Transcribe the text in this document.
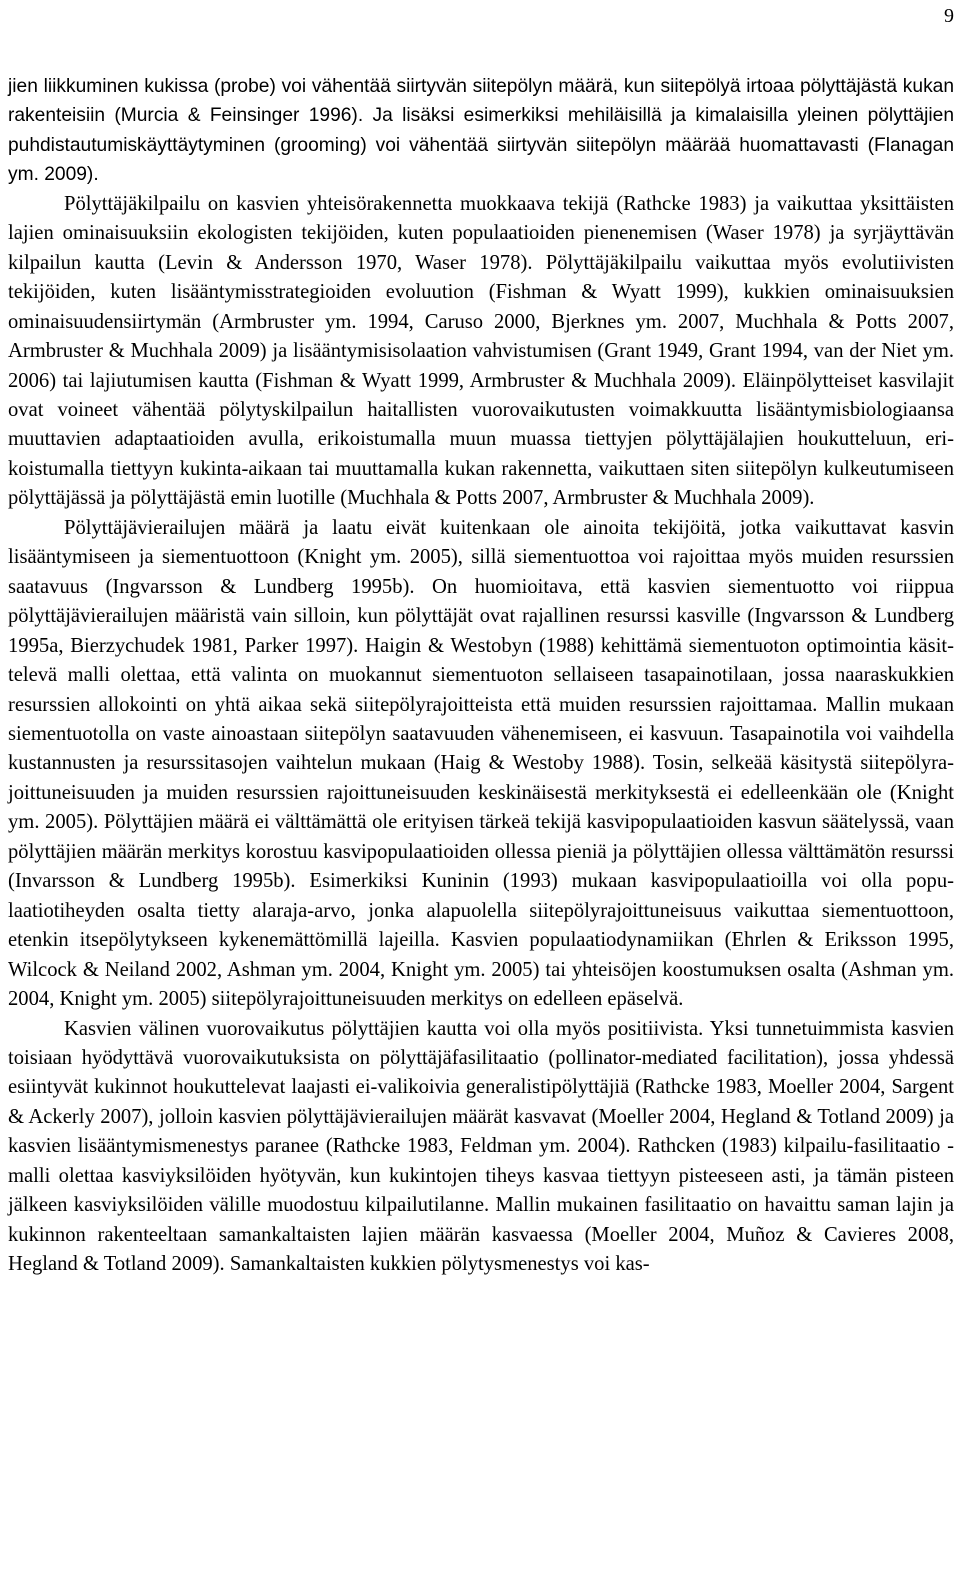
9

jien liikkuminen kukissa (probe) voi vähentää siirtyvän siitepölyn määrä, kun siitepölyä irtoaa pölyttäjästä kukan rakenteisiin (Murcia & Feinsinger 1996). Ja lisäksi esimerkiksi mehiläisillä ja kimalaisilla yleinen pölyttäjien puhdistautumiskäyttäytyminen (grooming) voi vähentää siirtyvän siitepölyn määrää huomattavasti (Flanagan ym. 2009).

Pölyttäjäkilpailu on kasvien yhteisörakennetta muokkaava tekijä (Rathcke 1983) ja vaikuttaa yksittäisten lajien ominaisuuksiin ekologisten tekijöiden, kuten populaatioiden pienenemisen (Waser 1978) ja syrjäyttävän kilpailun kautta (Levin & Andersson 1970, Waser 1978). Pölyttäjäkilpailu vaikuttaa myös evolutiivisten tekijöiden, kuten lisääntymisstrategioiden evoluution (Fishman & Wyatt 1999), kukkien ominaisuuksien ominaisuudensiirtymän (Armbruster ym. 1994, Caruso 2000, Bjerknes ym. 2007, Muchhala & Potts 2007, Armbruster & Muchhala 2009) ja lisääntymisisolaation vahvistumisen (Grant 1949, Grant 1994, van der Niet ym. 2006) tai lajiutumisen kautta (Fishman & Wyatt 1999, Armbruster & Muchhala 2009). Eläinpölytteiset kasvilajit ovat voineet vähentää pölytyskilpailun haitallisten vuorovaikutusten voimakkuutta lisääntymisbiologiaansa muuttavien adaptaatioiden avulla, erikoistumalla muun muassa tiettyjen pölyttäjälajien houkutteluun, erikoistumalla tiettyyn kukinta-aikaan tai muuttamalla kukan rakennetta, vaikuttaen siten siitepölyn kulkeutumiseen pölyttäjässä ja pölyttäjästä emin luotille (Muchhala & Potts 2007, Armbruster & Muchhala 2009).

Pölyttäjävierailujen määrä ja laatu eivät kuitenkaan ole ainoita tekijöitä, jotka vaikuttavat kasvin lisääntymiseen ja siementuottoon (Knight ym. 2005), sillä siementuottoa voi rajoittaa myös muiden resurssien saatavuus (Ingvarsson & Lundberg 1995b). On huomioitava, että kasvien siementuotto voi riippua pölyttäjävierailujen määristä vain silloin, kun pölyttäjät ovat rajallinen resurssi kasville (Ingvarsson & Lundberg 1995a, Bierzychudek 1981, Parker 1997). Haigin & Westobyn (1988) kehittämä siementuoton optimointia käsittelevä malli olettaa, että valinta on muokannut siementuoton sellaiseen tasapainotilaan, jossa naaraskukkien resurssien allokointi on yhtä aikaa sekä siitepölyrajoitteista että muiden resurssien rajoittamaa. Mallin mukaan siementuotolla on vaste ainoastaan siitepölyn saatavuuden vähenemiseen, ei kasvuun. Tasapainotila voi vaihdella kustannusten ja resurssitasojen vaihtelun mukaan (Haig & Westoby 1988). Tosin, selkeää käsitystä siitepölyrajoittuneisuuden ja muiden resurssien rajoittuneisuuden keskinäisestä merkityksestä ei edelleenkään ole (Knight ym. 2005). Pölyttäjien määrä ei välttämättä ole erityisen tärkeä tekijä kasvipopulaatioiden kasvun säätelyssä, vaan pölyttäjien määrän merkitys korostuu kasvipopulaatioiden ollessa pieniä ja pölyttäjien ollessa välttämätön resurssi (Invarsson & Lundberg 1995b). Esimerkiksi Kuninin (1993) mukaan kasvipopulaatioilla voi olla populaatiotiheyden osalta tietty alaraja-arvo, jonka alapuolella siitepölyrajoittuneisuus vaikuttaa siementuottoon, etenkin itsepölytykseen kykenemättömillä lajeilla. Kasvien populaatiodynamiikan (Ehrlen & Eriksson 1995, Wilcock & Neiland 2002, Ashman ym. 2004, Knight ym. 2005) tai yhteisöjen koostumuksen osalta (Ashman ym. 2004, Knight ym. 2005) siitepölyrajoittuneisuuden merkitys on edelleen epäselvä.

Kasvien välinen vuorovaikutus pölyttäjien kautta voi olla myös positiivista. Yksi tunnetuimmista kasvien toisiaan hyödyttävä vuorovaikutuksista on pölyttäjäfasilitaatio (pollinator-mediated facilitation), jossa yhdessä esiintyvät kukinnot houkuttelevat laajasti ei-valikoivia generalistipölyttäjiä (Rathcke 1983, Moeller 2004, Sargent & Ackerly 2007), jolloin kasvien pölyttäjävierailujen määrät kasvavat (Moeller 2004, Hegland & Totland 2009) ja kasvien lisääntymismenestys paranee (Rathcke 1983, Feldman ym. 2004). Rathcken (1983) kilpailu-fasilitaatio -malli olettaa kasviyksilöiden hyötyvän, kun kukintojen tiheys kasvaa tiettyyn pisteeseen asti, ja tämän pisteen jälkeen kasviyksilöiden välille muodostuu kilpailutilanne. Mallin mukainen fasilitaatio on havaittu saman lajin ja kukinnon rakenteeltaan samankaltaisten lajien määrän kasvaessa (Moeller 2004, Muñoz & Cavieres 2008, Hegland & Totland 2009). Samankaltaisten kukkien pölytysmenestys voi kas-
